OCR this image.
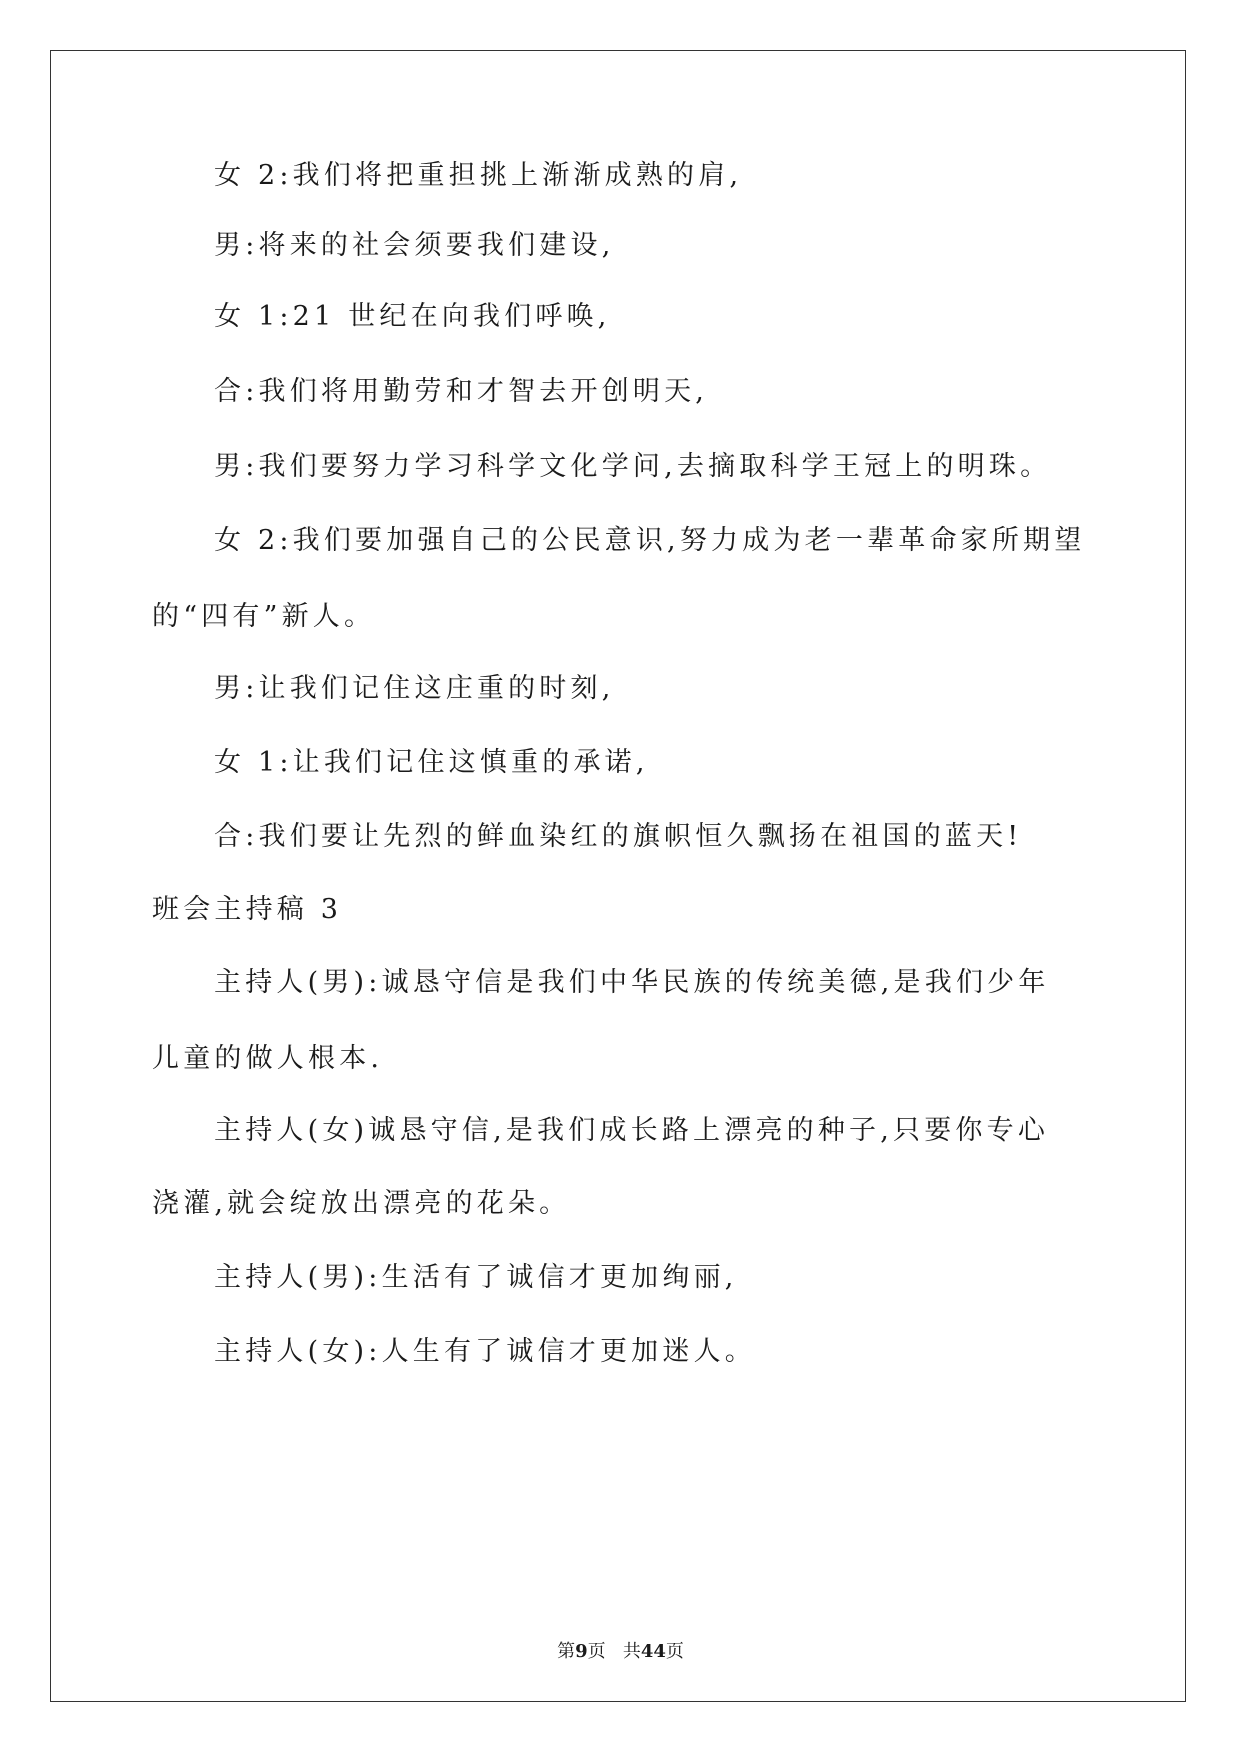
女 2:我们将把重担挑上渐渐成熟的肩,
男:将来的社会须要我们建设,
女 1:21 世纪在向我们呼唤,
合:我们将用勤劳和才智去开创明天,
男:我们要努力学习科学文化学问,去摘取科学王冠上的明珠。
女 2:我们要加强自己的公民意识,努力成为老一辈革命家所期望
的“四有”新人。
男:让我们记住这庄重的时刻,
女 1:让我们记住这慎重的承诺,
合:我们要让先烈的鲜血染红的旗帜恒久飘扬在祖国的蓝天!
班会主持稿 3
主持人(男):诚恳守信是我们中华民族的传统美德,是我们少年
儿童的做人根本.
主持人(女)诚恳守信,是我们成长路上漂亮的种子,只要你专心
浇灌,就会绽放出漂亮的花朵。
主持人(男):生活有了诚信才更加绚丽,
主持人(女):人生有了诚信才更加迷人。
第9页 共44页
